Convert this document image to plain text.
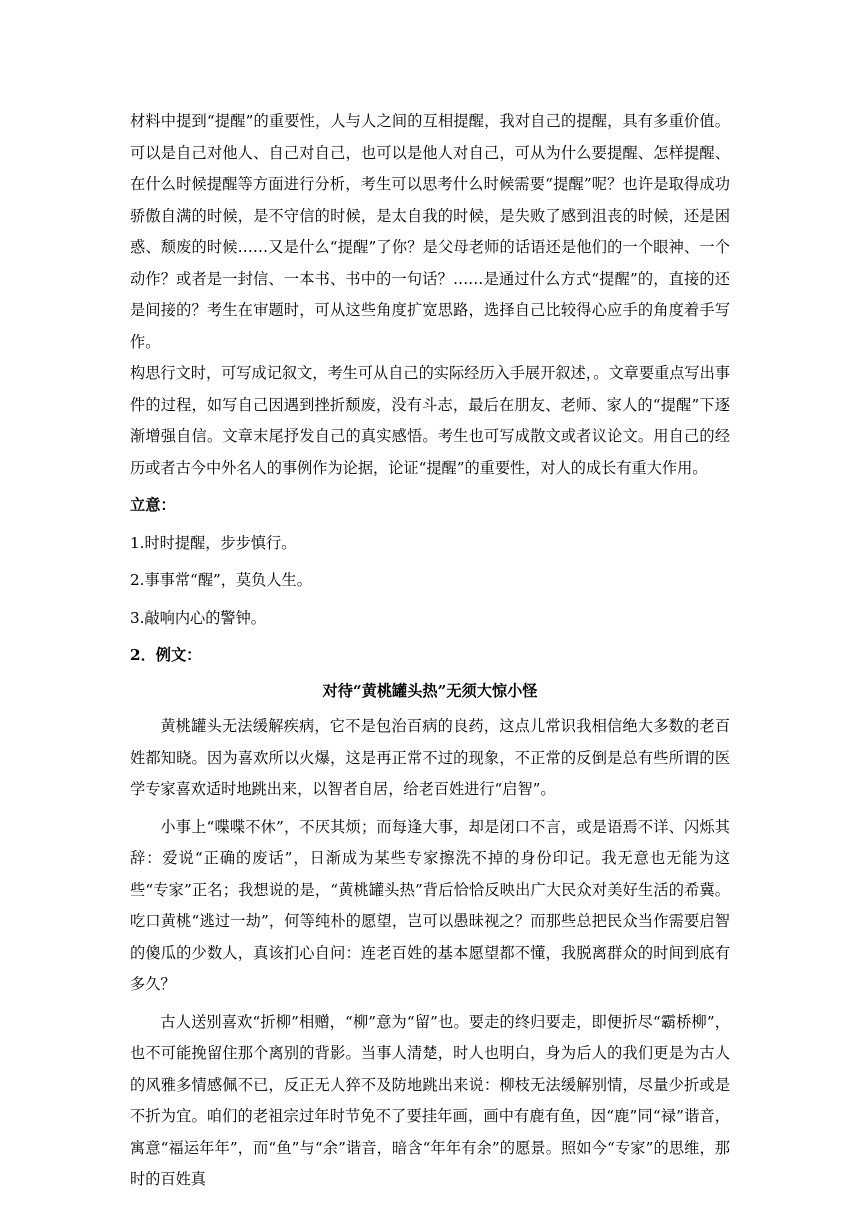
材料中提到“提醒”的重要性，人与人之间的互相提醒，我对自己的提醒，具有多重价值。可以是自己对他人、自己对自己，也可以是他人对自己，可从为什么要提醒、怎样提醒、在什么时候提醒等方面进行分析，考生可以思考什么时候需要“提醒”呢？也许是取得成功骄傲自满的时候，是不守信的时候，是太自我的时候，是失败了感到沮丧的时候，还是困惑、颓废的时候……又是什么“提醒”了你？是父母老师的话语还是他们的一个眼神、一个动作？或者是一封信、一本书、书中的一句话？……是通过什么方式“提醒”的，直接的还是间接的？考生在审题时，可从这些角度扩宽思路，选择自己比较得心应手的角度着手写作。

构思行文时，可写成记叙文，考生可从自己的实际经历入手展开叙述，。文章要重点写出事件的过程，如写自己因遇到挫折颓废，没有斗志，最后在朋友、老师、家人的“提醒”下逐渐增强自信。文章末尾抒发自己的真实感悟。考生也可写成散文或者议论文。用自己的经历或者古今中外名人的事例作为论据，论证“提醒”的重要性，对人的成长有重大作用。

立意：

1.时时提醒，步步慎行。

2.事事常“醒”，莫负人生。

3.敲响内心的警钟。

2．例文：

对待“黄桃罐头热”无须大惊小怪

黄桃罐头无法缓解疾病，它不是包治百病的良药，这点儿常识我相信绝大多数的老百姓都知晓。因为喜欢所以火爆，这是再正常不过的现象，不正常的反倒是总有些所谓的医学专家喜欢适时地跳出来，以智者自居，给老百姓进行“启智”。

小事上“喋喋不休”，不厌其烦；而每逢大事，却是闭口不言，或是语焉不详、闪烁其辞：爱说“正确的废话”，日渐成为某些专家擦洗不掉的身份印记。我无意也无能为这些“专家”正名；我想说的是，“黄桃罐头热”背后恰恰反映出广大民众对美好生活的希冀。吃口黄桃“逃过一劫”，何等纯朴的愿望，岂可以愚昧视之？而那些总把民众当作需要启智的傻瓜的少数人，真该扪心自问：连老百姓的基本愿望都不懂，我脱离群众的时间到底有多久？

古人送别喜欢“折柳”相赠，“柳”意为“留”也。要走的终归要走，即便折尽“霸桥柳”，也不可能挽留住那个离别的背影。当事人清楚，时人也明白，身为后人的我们更是为古人的风雅多情感佩不已，反正无人猝不及防地跳出来说：柳枝无法缓解别情，尽量少折或是不折为宜。咱们的老祖宗过年时节免不了要挂年画，画中有鹿有鱼，因“鹿”同“禄”谐音，寓意“福运年年”，而“鱼”与“余”谐音，暗含“年年有余”的愿景。照如今“专家”的思维，那时的百姓真
